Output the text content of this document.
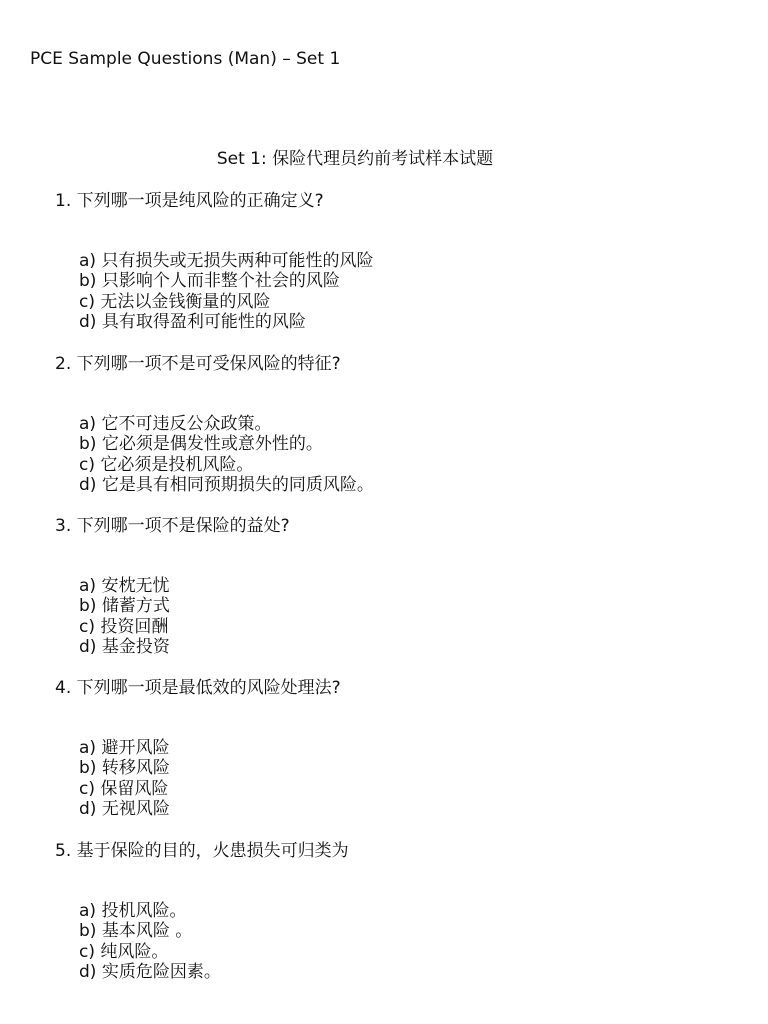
PCE Sample Questions (Man) – Set 1
Set 1: 保险代理员约前考试样本试题
1. 下列哪一项是纯风险的正确定义?
a) 只有损失或无损失两种可能性的风险
b) 只影响个人而非整个社会的风险
c) 无法以金钱衡量的风险
d) 具有取得盈利可能性的风险
2. 下列哪一项不是可受保风险的特征?
a) 它不可违反公众政策。
b) 它必须是偶发性或意外性的。
c) 它必须是投机风险。
d) 它是具有相同预期损失的同质风险。
3. 下列哪一项不是保险的益处?
a) 安枕无忧
b) 储蓄方式
c) 投资回酬
d) 基金投资
4. 下列哪一项是最低效的风险处理法?
a) 避开风险
b) 转移风险
c) 保留风险
d) 无视风险
5. 基于保险的目的，火患损失可归类为
a) 投机风险。
b) 基本风险 。
c) 纯风险。
d) 实质危险因素。
